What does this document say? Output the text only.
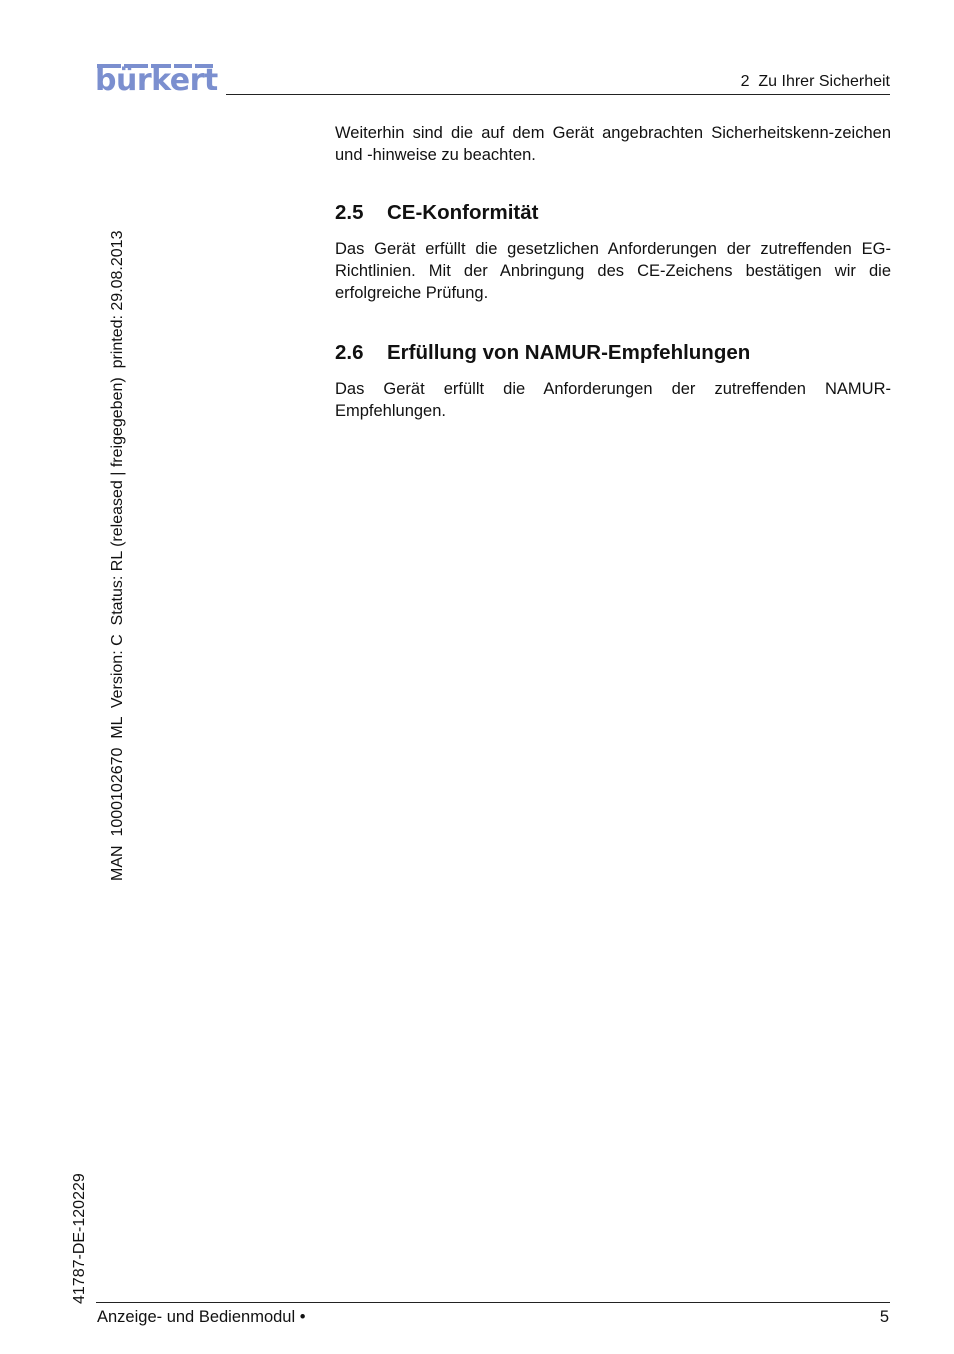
bürkert	2  Zu Ihrer Sicherheit
MAN  1000102670  ML  Version: C  Status: RL (released | freigegeben)  printed: 29.08.2013

Weiterhin sind die auf dem Gerät angebrachten Sicherheitskenn-zeichen und -hinweise zu beachten.

2.5 CE-Konformität

Das Gerät erfüllt die gesetzlichen Anforderungen der zutreffenden EG-Richtlinien. Mit der Anbringung des CE-Zeichens bestätigen wir die erfolgreiche Prüfung.

2.6 Erfüllung von NAMUR-Empfehlungen

Das Gerät erfüllt die Anforderungen der zutreffenden NAMUR-Empfehlungen.

41787-DE-120229
Anzeige- und Bedienmodul •	5
